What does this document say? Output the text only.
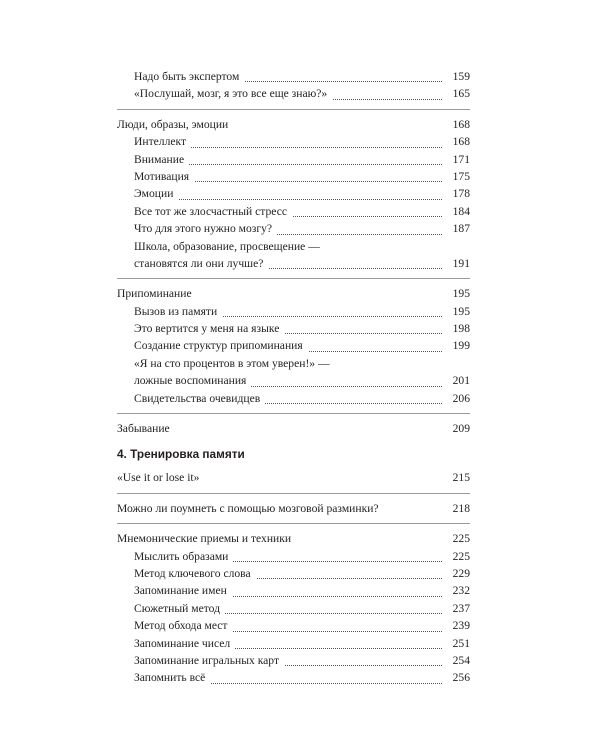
Надо быть экспертом	159
«Послушай, мозг, я это все еще знаю?»	165
Люди, образы, эмоции	168
Интеллект	168
Внимание	171
Мотивация	175
Эмоции	178
Все тот же злосчастный стресс	184
Что для этого нужно мозгу?	187
Школа, образование, просвещение —
становятся ли они лучше?	191
Припоминание	195
Вызов из памяти	195
Это вертится у меня на языке	198
Создание структур припоминания	199
«Я на сто процентов в этом уверен!» —
ложные воспоминания	201
Свидетельства очевидцев	206
Забывание	209
4. Тренировка памяти
«Use it or lose it»	215
Можно ли поумнеть с помощью мозговой разминки?	218
Мнемонические приемы и техники	225
Мыслить образами	225
Метод ключевого слова	229
Запоминание имен	232
Сюжетный метод	237
Метод обхода мест	239
Запоминание чисел	251
Запоминание игральных карт	254
Запомнить всё	256
